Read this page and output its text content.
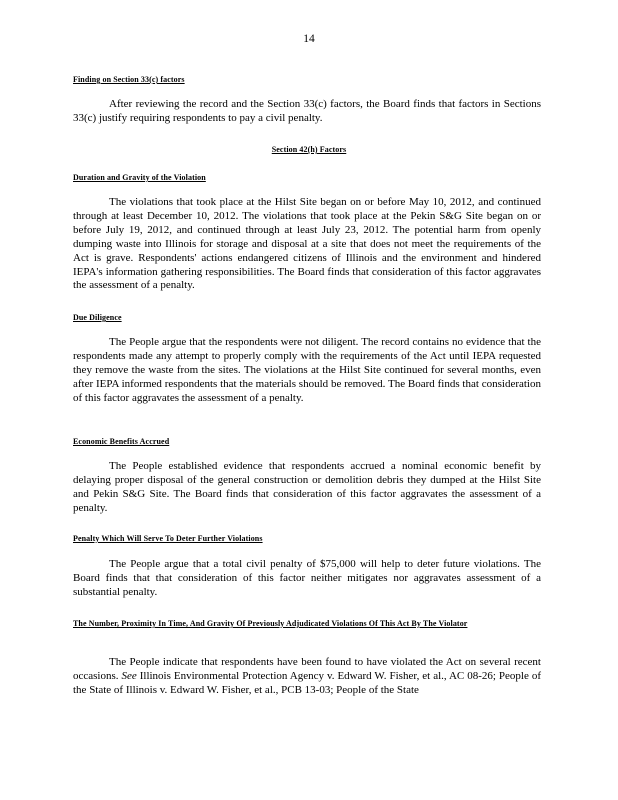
14
Finding on Section 33(c) factors
After reviewing the record and the Section 33(c) factors, the Board finds that factors in Sections 33(c) justify requiring respondents to pay a civil penalty.
Section 42(h) Factors
Duration and Gravity of the Violation
The violations that took place at the Hilst Site began on or before May 10, 2012, and continued through at least December 10, 2012. The violations that took place at the Pekin S&G Site began on or before July 19, 2012, and continued through at least July 23, 2012. The potential harm from openly dumping waste into Illinois for storage and disposal at a site that does not meet the requirements of the Act is grave. Respondents' actions endangered citizens of Illinois and the environment and hindered IEPA's information gathering responsibilities. The Board finds that consideration of this factor aggravates the assessment of a penalty.
Due Diligence
The People argue that the respondents were not diligent. The record contains no evidence that the respondents made any attempt to properly comply with the requirements of the Act until IEPA requested they remove the waste from the sites. The violations at the Hilst Site continued for several months, even after IEPA informed respondents that the materials should be removed. The Board finds that consideration of this factor aggravates the assessment of a penalty.
Economic Benefits Accrued
The People established evidence that respondents accrued a nominal economic benefit by delaying proper disposal of the general construction or demolition debris they dumped at the Hilst Site and Pekin S&G Site. The Board finds that consideration of this factor aggravates the assessment of a penalty.
Penalty Which Will Serve To Deter Further Violations
The People argue that a total civil penalty of $75,000 will help to deter future violations. The Board finds that that consideration of this factor neither mitigates nor aggravates assessment of a substantial penalty.
The Number, Proximity In Time, And Gravity Of Previously Adjudicated Violations Of This Act By The Violator
The People indicate that respondents have been found to have violated the Act on several recent occasions. See Illinois Environmental Protection Agency v. Edward W. Fisher, et al., AC 08-26; People of the State of Illinois v. Edward W. Fisher, et al., PCB 13-03; People of the State
